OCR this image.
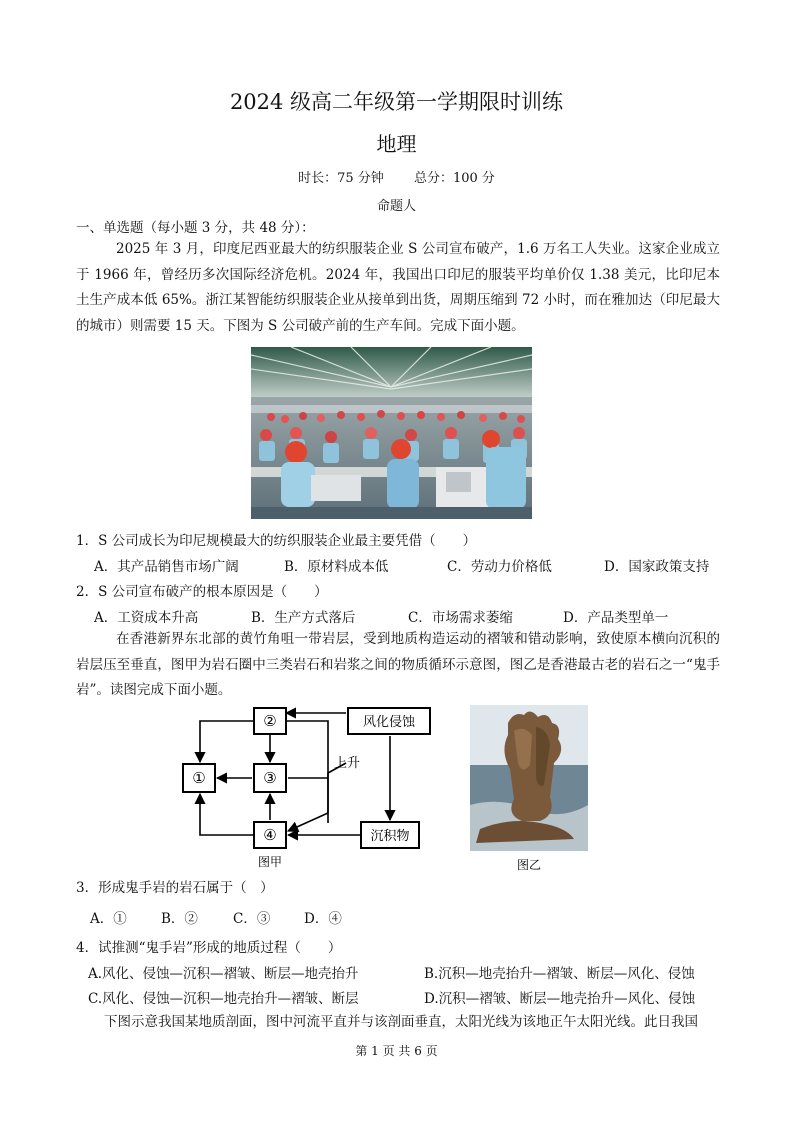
2024 级高二年级第一学期限时训练
地理
时长：75 分钟 总分：100 分
命题人
一、单选题（每小题 3 分，共 48 分）：

2025 年 3 月，印度尼西亚最大的纺织服装企业 S 公司宣布破产，1.6 万名工人失业。这家企业成立于 1966 年，曾经历多次国际经济危机。2024 年，我国出口印尼的服装平均单价仅 1.38 美元，比印尼本土生产成本低 65%。浙江某智能纺织服装企业从接单到出货，周期压缩到 72 小时，而在雅加达（印尼最大的城市）则需要 15 天。下图为 S 公司破产前的生产车间。完成下面小题。

1．S 公司成长为印尼规模最大的纺织服装企业最主要凭借（　　）
A．其产品销售市场广阔	B．原材料成本低	C．劳动力价格低	D．国家政策支持
2．S 公司宣布破产的根本原因是（　　）
A．工资成本升高	B．生产方式落后	C．市场需求萎缩	D．产品类型单一

在香港新界东北部的黄竹角咀一带岩层，受到地质构造运动的褶皱和错动影响，致使原本横向沉积的岩层压至垂直，图甲为岩石圈中三类岩石和岩浆之间的物质循环示意图，图乙是香港最古老的岩石之一“鬼手岩”。读图完成下面小题。

②
①	③
④
风化侵蚀
沉积物
上升
图甲	图乙
3．形成鬼手岩的岩石属于（　）
A．①	B．②	C．③	D．④
4．试推测“鬼手岩”形成的地质过程（　　）
A.风化、侵蚀—沉积—褶皱、断层—地壳抬升	B.沉积—地壳抬升—褶皱、断层—风化、侵蚀
C.风化、侵蚀—沉积—地壳抬升—褶皱、断层	D.沉积—褶皱、断层—地壳抬升—风化、侵蚀

下图示意我国某地质剖面，图中河流平直并与该剖面垂直，太阳光线为该地正午太阳光线。此日我国

第 1 页 共 6 页
